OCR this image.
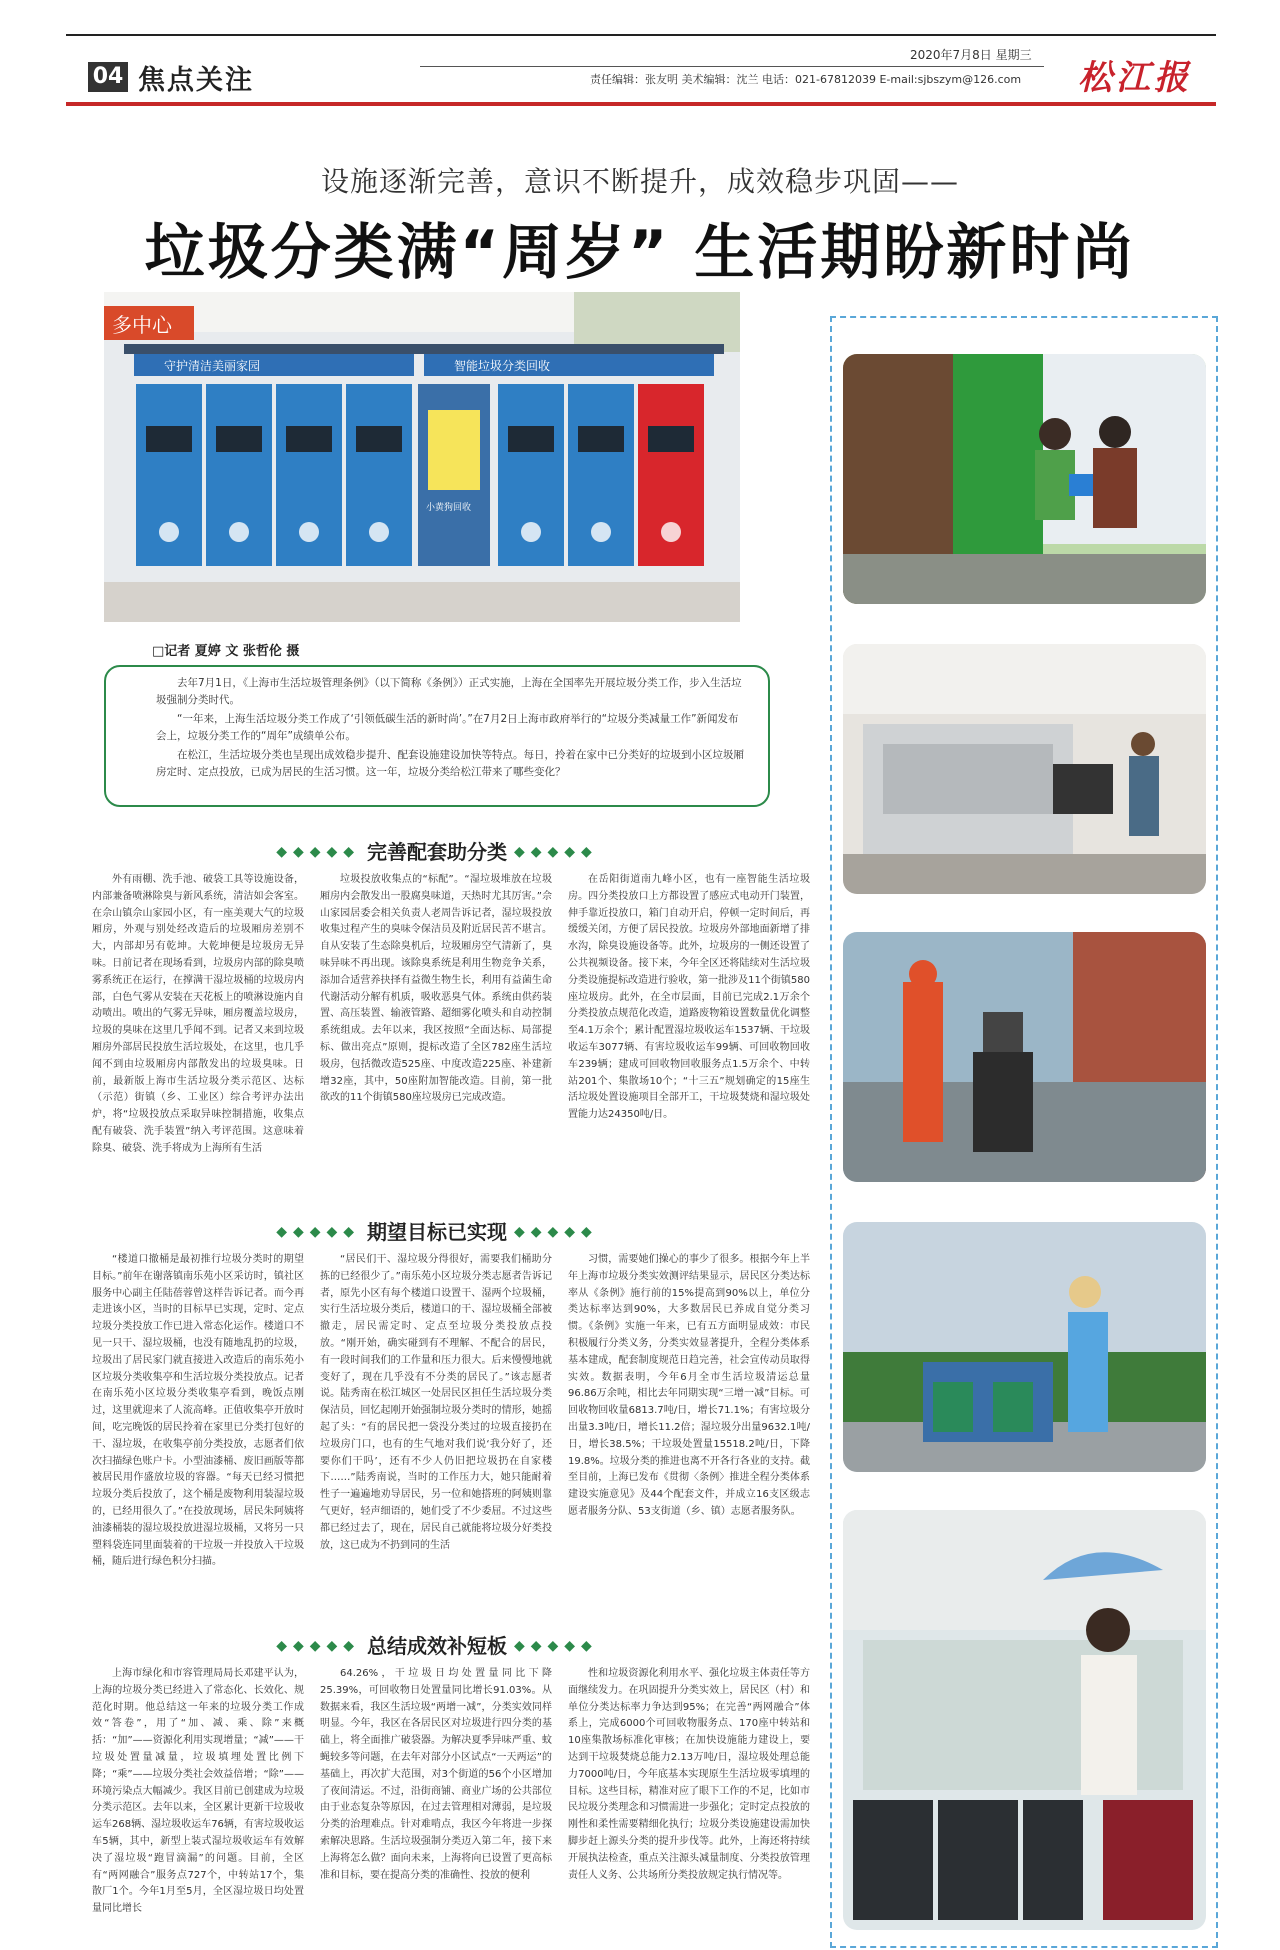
04 焦点关注
2020年7月8日 星期三
责任编辑：张友明 美术编辑：沈兰 电话：021-67812039 E-mail:sjbszym@126.com 松江报
设施逐渐完善，意识不断提升，成效稳步巩固——
垃圾分类满“周岁” 生活期盼新时尚
多中心
守护清洁美丽家园	智能垃圾分类回收
小黄狗回收
□记者 夏婷 文 张哲伦 摄

去年7月1日，《上海市生活垃圾管理条例》（以下简称《条例》）正式实施，上海在全国率先开展垃圾分类工作，步入生活垃圾强制分类时代。

“一年来，上海生活垃圾分类工作成了‘引领低碳生活的新时尚’。”在7月2日上海市政府举行的“垃圾分类减量工作”新闻发布会上，垃圾分类工作的“周年”成绩单公布。

在松江，生活垃圾分类也呈现出成效稳步提升、配套设施建设加快等特点。每日，拎着在家中已分类好的垃圾到小区垃圾厢房定时、定点投放，已成为居民的生活习惯。这一年，垃圾分类给松江带来了哪些变化？

◆◆◆◆◆ 完善配套助分类 ◆◆◆◆◆

外有雨棚、洗手池、破袋工具等设施设备，内部兼备喷淋除臭与新风系统，清洁如会客室。在佘山镇佘山家园小区，有一座美观大气的垃圾厢房，外观与别处经改造后的垃圾厢房差别不大，内部却另有乾坤。大乾坤便是垃圾房无异味。日前记者在现场看到，垃圾房内部的除臭喷雾系统正在运行，在撑满干湿垃圾桶的垃圾房内部，白色气雾从安装在天花板上的喷淋设施内自动喷出。喷出的气雾无异味，厢房覆盖垃圾房，垃圾的臭味在这里几乎闻不到。记者又来到垃圾厢房外部居民投放生活垃圾处，在这里，也几乎闻不到由垃圾厢房内部散发出的垃圾臭味。日前，最新版上海市生活垃圾分类示范区、达标（示范）街镇（乡、工业区）综合考评办法出炉，将“垃圾投放点采取异味控制措施，收集点配有破袋、洗手装置”纳入考评范围。这意味着除臭、破袋、洗手将成为上海所有生活

垃圾投放收集点的“标配”。“湿垃圾堆放在垃圾厢房内会散发出一股腐臭味道，天热时尤其厉害。”佘山家园居委会相关负责人老周告诉记者，湿垃圾投放收集过程产生的臭味令保洁员及附近居民苦不堪言。自从安装了生态除臭机后，垃圾厢房空气清新了，臭味异味不再出现。该除臭系统是利用生物竞争关系，添加合适营养抉择有益微生物生长，利用有益菌生命代谢活动分解有机质，吸收恶臭气体。系统由供药装置、高压装置、输液管路、超细雾化喷头和自动控制系统组成。去年以来，我区按照“全面达标、局部提标、做出亮点”原则，提标改造了全区782座生活垃圾房，包括微改造525座、中度改造225座、补建新增32座，其中，50座附加智能改造。目前，第一批 欲改的11个街镇580座垃圾房已完成改造。

在岳阳街道南九峰小区，也有一座智能生活垃圾房。四分类投放口上方都设置了感应式电动开门装置，伸手靠近投放口，箱门自动开启，停顿一定时间后，再缓缓关闭，方便了居民投放。垃圾房外部地面新增了排水沟，除臭设施设备等。此外，垃圾房的一侧还设置了公共视频设备。接下来，今年全区还将陆续对生活垃圾分类设施提标改造进行验收，第一批涉及11个街镇580座垃圾房。此外，在全市层面，目前已完成2.1万余个分类投放点规范化改造，道路废物箱设置数量优化调整至4.1万余个；累计配置湿垃圾收运车1537辆、干垃圾收运车3077辆、有害垃圾收运车99辆、可回收物回收车239辆；建成可回收物回收服务点1.5万余个、中转站201个、集散场10个；“十三五”规划确定的15座生活垃圾处置设施项目全部开工，干垃圾焚烧和湿垃圾处置能力达24350吨/日。

◆◆◆◆◆ 期望目标已实现 ◆◆◆◆◆

“楼道口撤桶是最初推行垃圾分类时的期望目标。”前年在谢落镇南乐苑小区采访时，镇社区服务中心副主任陆蓓蓉曾这样告诉记者。而今再走进该小区，当时的目标早已实现，定时、定点垃圾分类投放工作已进入常态化运作。楼道口不见一只干、湿垃圾桶，也没有随地乱扔的垃圾，垃圾出了居民家门就直接进入改造后的南乐苑小区垃圾分类收集亭和生活垃圾分类投放点。记者在南乐苑小区垃圾分类收集亭看到，晚饭点刚过，这里就迎来了人流高峰。正值收集亭开放时间，吃完晚饭的居民拎着在家里已分类打包好的干、湿垃圾，在收集亭前分类投放，志愿者们依次扫描绿色账户卡。小型油漆桶、废旧画版等都被居民用作盛放垃圾的容器。“每天已经习惯把垃圾分类后投放了，这个桶是废物利用装湿垃圾的，已经用很久了。”在投放现场，居民朱阿姨将油漆桶装的湿垃圾投放进湿垃圾桶，又将另一只塑料袋连同里面装着的干垃圾一并投放入干垃圾桶，随后进行绿色积分扫描。

“居民们干、湿垃圾分得很好，需要我们桶助分拣的已经很少了。”南乐苑小区垃圾分类志愿者告诉记者，原先小区有每个楼道口设置干、湿两个垃圾桶，实行生活垃圾分类后，楼道口的干、湿垃圾桶全部被撤走，居民需定时、定点至垃圾分类投放点投放。“刚开始，确实碰到有不理解、不配合的居民，有一段时间我们的工作量和压力很大。后来慢慢地就变好了，现在几乎没有不分类的居民了。”该志愿者说。陆秀南在松江城区一处居民区担任生活垃圾分类保洁员，回忆起刚开始强制垃圾分类时的情形，她摇起了头：“有的居民把一袋没分类过的垃圾直接扔在垃圾房门口，也有的生气地对我们说‘我分好了，还要你们干吗’，还有不少人仍旧把垃圾扔在自家楼下……”陆秀南说，当时的工作压力大，她只能耐着性子一遍遍地劝导居民，另一位和她搭班的阿姨则靠气更好，轻声细语的，她们受了不少委屈。不过这些都已经过去了，现在，居民自己就能将垃圾分好类投放，这已成为不扔到同的生活

习惯，需要她们操心的事少了很多。根据今年上半年上海市垃圾分类实效测评结果显示，居民区分类达标率从《条例》施行前的15%提高到90%以上，单位分类达标率达到90%，大多数居民已养成自觉分类习惯。《条例》实施一年来，已有五方面明显成效：市民积极履行分类义务，分类实效显著提升，全程分类体系基本建成，配套制度规范日趋完善，社会宣传动员取得实效。数据表明，今年6月全市生活垃圾清运总量96.86万余吨，相比去年同期实现“三增一减”目标。可回收物回收量6813.7吨/日，增长71.1%；有害垃圾分出量3.3吨/日，增长11.2倍；湿垃圾分出量9632.1吨/日，增长38.5%；干垃圾处置量15518.2吨/日，下降19.8%。垃圾分类的推进也离不开各行各业的支持。截至目前，上海已发布《贯彻〈条例〉推进全程分类体系建设实施意见》及44个配套文件，并成立16支区级志愿者服务分队、53支街道（乡、镇）志愿者服务队。

◆◆◆◆◆ 总结成效补短板 ◆◆◆◆◆

上海市绿化和市容管理局局长邓建平认为，上海的垃圾分类已经进入了常态化、长效化、规范化时期。他总结这一年来的垃圾分类工作成效“答卷”，用了“加、减、乘、除”来概括：“加”——资源化利用实现增量；“减”——干垃圾处置量减量，垃圾填埋处置比例下降；“乘”——垃圾分类社会效益倍增；“除”——环境污染点大幅减少。我区目前已创建成为垃圾分类示范区。去年以来，全区累计更新干垃圾收运车268辆、湿垃圾收运车76辆，有害垃圾收运车5辆，其中，新型上装式湿垃圾收运车有效解决了湿垃圾“跑冒滴漏”的问题。目前，全区有“两网融合”服务点727个，中转站17个，集散厂1个。今年1月至5月，全区湿垃圾日均处置量同比增长

64.26%，干垃圾日均处置量同比下降25.39%，可回收物日处置量同比增长91.03%。从数据来看，我区生活垃圾“两增一减”，分类实效同样明显。今年，我区在各居民区对垃圾进行四分类的基础上，将全面推广破袋器。为解决夏季异味严重、蚊蝇较多等问题，在去年对部分小区试点“一天两运”的基础上，再次扩大范围，对3个街道的56个小区增加了夜间清运。不过，沿街商铺、商业广场的公共部位由于业态复杂等原因，在过去管理相对薄弱，是垃圾分类的治理难点。针对难啃点，我区今年将进一步探索解决思路。生活垃圾强制分类迈入第二年，接下来上海将怎么做？面向未来，上海将向已设置了更高标准和目标，要在提高分类的准确性、投放的便利

性和垃圾资源化利用水平、强化垃圾主体责任等方面继续发力。在巩固提升分类实效上，居民区（村）和单位分类达标率力争达到95%；在完善“两网融合”体系上，完成6000个可回收物服务点、170座中转站和10座集散场标准化审核；在加快设施能力建设上，要达到干垃圾焚烧总能力2.13万吨/日，湿垃圾处理总能力7000吨/日，今年底基本实现原生生活垃圾零填埋的目标。这些目标，精准对应了眼下工作的不足，比如市民垃圾分类理念和习惯需进一步强化；定时定点投放的刚性和柔性需要精细化执行；垃圾分类设施建设需加快脚步赶上源头分类的提升步伐等。此外，上海还将持续开展执法检查，重点关注源头减量制度、分类投放管理责任人义务、公共场所分类投放规定执行情况等。
